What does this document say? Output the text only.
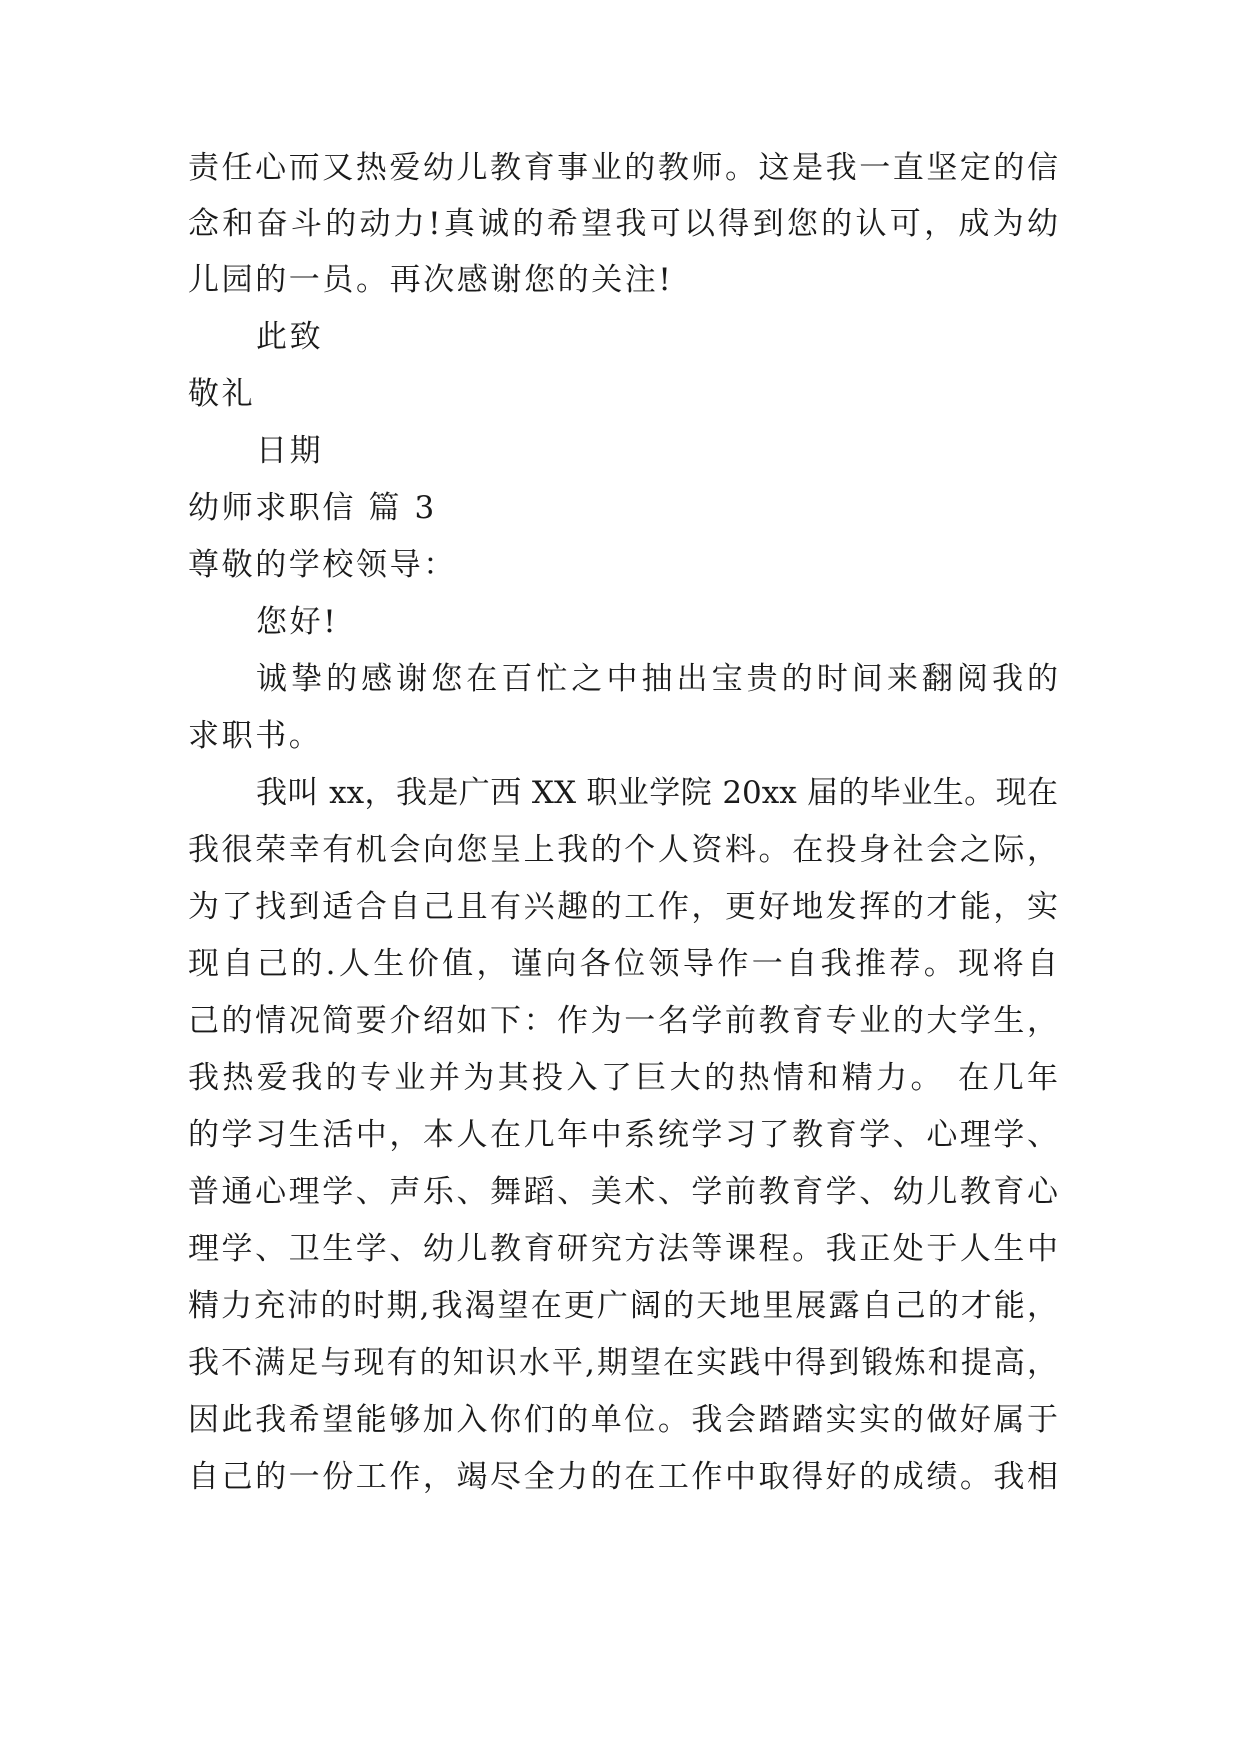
责任心而又热爱幼儿教育事业的教师。这是我一直坚定的信
念和奋斗的动力!真诚的希望我可以得到您的认可，成为幼
儿园的一员。再次感谢您的关注!
此致
敬礼
日期
幼师求职信 篇 3
尊敬的学校领导：
您好!
诚挚的感谢您在百忙之中抽出宝贵的时间来翻阅我的
求职书。
我叫 xx，我是广西 XX 职业学院 20xx 届的毕业生。现在
我很荣幸有机会向您呈上我的个人资料。在投身社会之际，
为了找到适合自己且有兴趣的工作，更好地发挥的才能，实
现自己的.人生价值，谨向各位领导作一自我推荐。现将自
己的情况简要介绍如下：作为一名学前教育专业的大学生，
我热爱我的专业并为其投入了巨大的热情和精力。 在几年
的学习生活中，本人在几年中系统学习了教育学、心理学、
普通心理学、声乐、舞蹈、美术、学前教育学、幼儿教育心
理学、卫生学、幼儿教育研究方法等课程。我正处于人生中
精力充沛的时期,我渴望在更广阔的天地里展露自己的才能，
我不满足与现有的知识水平,期望在实践中得到锻炼和提高，
因此我希望能够加入你们的单位。我会踏踏实实的做好属于
自己的一份工作，竭尽全力的在工作中取得好的成绩。我相
